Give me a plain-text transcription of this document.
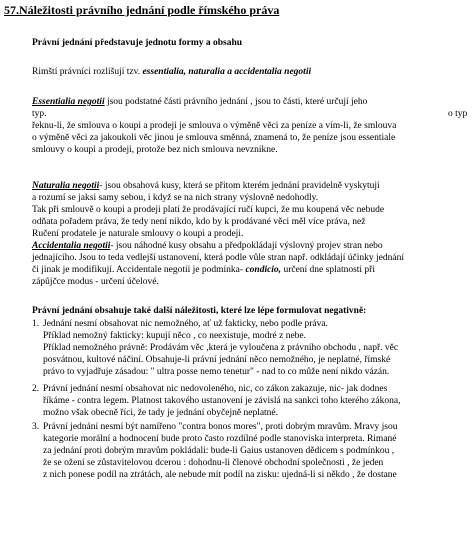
57.Náležitosti právního jednání podle římského práva
Právní jednání představuje jednotu formy a obsahu
Rimští právníci rozlišují tzv. essentialia, naturalia a accidentalia negotii
Essentialia negotii jsou podstatné části právního jednání , jsou to části, které určují jeho
typ.	o typ
řeknu-li, že smlouva o koupi a prodeji je smlouva o výměně věci za peníze a vím-li, že smlouva
o výměně věci za jakoukoli věc jinou je smlouva směnná, znamená to, že peníze jsou essentiale
smlouvy o koupi a prodeji, protože bez nich smlouva nevznikne.
Naturalia negotii- jsou obsahová kusy, která se přitom kterém jednání pravidelně vyskytují
a rozumí se jaksi samy sebou, i když se na nich strany výslovně nedohodly.
Tak při smlouvě o koupi a prodeji platí že prodávající ručí kupci, že mu koupená věc nebude
odňata pořadem práva, že tedy není nikdo, kdo by k prodávané věci měl více práva, než
Ručení prodatele je naturale smlouvy o koupi a prodeji.
Accidentalia negotii- jsou náhodné kusy obsahu a předpokládají výslovný projev stran nebo
jednajícího. Jsou to teda vedlejší ustanovení, která podle vůle stran např. odkládají účinky jednání
či jinak je modifikují. Accidentale negotii je podmínka- condicio, určení dne splatnosti při
zápůjčce modus - určení účelové.
Právní jednání obsahuje také další náležitosti, které lze lépe formulovat negativně:
1. Jednání nesmí obsahovat nic nemožného, ať už fakticky, nebo podle práva.
Příklad nemožný fakticky: kupují něco , co neexistuje, modré z nebe.
Příklad nemožného právně: Prodávám věc ,která je vyloučena z právního obchodu , např. věc
posvátnou, kultové náčiní. Obsahuje-li právní jednání něco nemožného, je neplatné, římské
právo to vyjadřuje zásadou: " ultra posse nemo tenetur" - nad to co může není nikdo vázán.
2. Právní jednání nesmí obsahovat nic nedovoleného, nic, co zákon zakazuje, nic- jak dodnes
říkáme - contra legem. Platnost takového ustanovení je závislá na sankci toho kterého zákona,
možno však obecně říci, že tady je jednání obyčejně neplatné.
3. Právní jednání nesmí být namířeno "contra bonos mores", proti dobrým mravům. Mravy jsou
kategorie morální a hodnocení bude proto často rozdílné podle stanoviska interpreta. Rimané
za jednání proti dobrým mravům pokládali: bude-li Gaius ustanoven dědicem s podmínkou ,
že se ožení se zůstavitelovou dcerou : dohodnu-li členové obchodní společnosti , že jeden
z nich ponese podíl na ztrátách, ale nebude mít podíl na zisku: ujedná-li si někdo , že dostane
